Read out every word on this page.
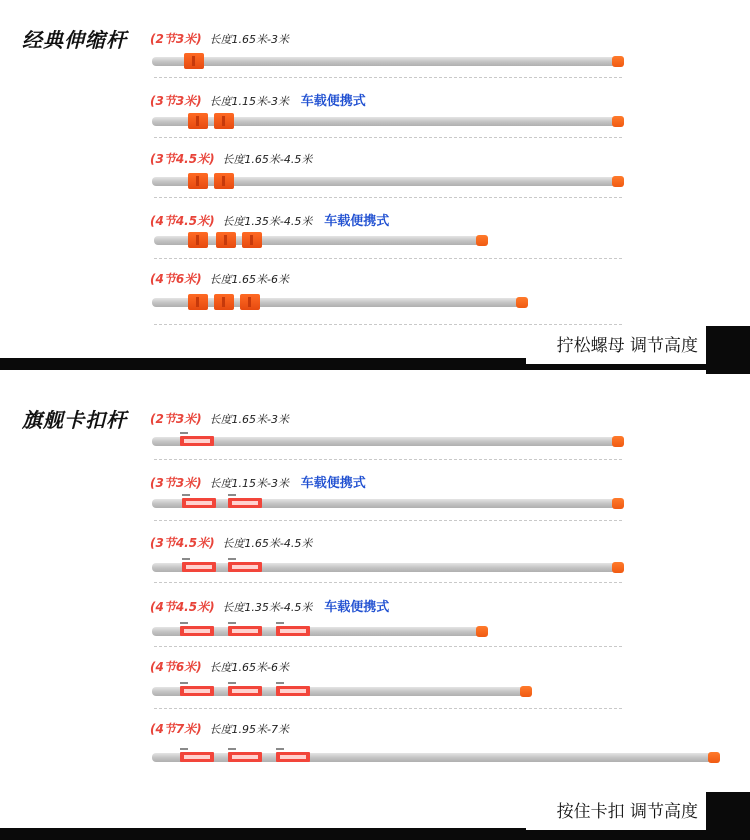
经典伸缩杆 (2节3米) 长度1.65米-3米
(3节3米) 长度1.15米-3米 车载便携式
(3节4.5米) 长度1.65米-4.5米
(4节4.5米) 长度1.35米-4.5米 车载便携式
(4节6米) 长度1.65米-6米
拧松螺母 调节高度
旗舰卡扣杆 (2节3米) 长度1.65米-3米
(3节3米) 长度1.15米-3米 车载便携式
(3节4.5米) 长度1.65米-4.5米
(4节4.5米) 长度1.35米-4.5米 车载便携式
(4节6米) 长度1.65米-6米
(4节7米) 长度1.95米-7米
按住卡扣 调节高度
